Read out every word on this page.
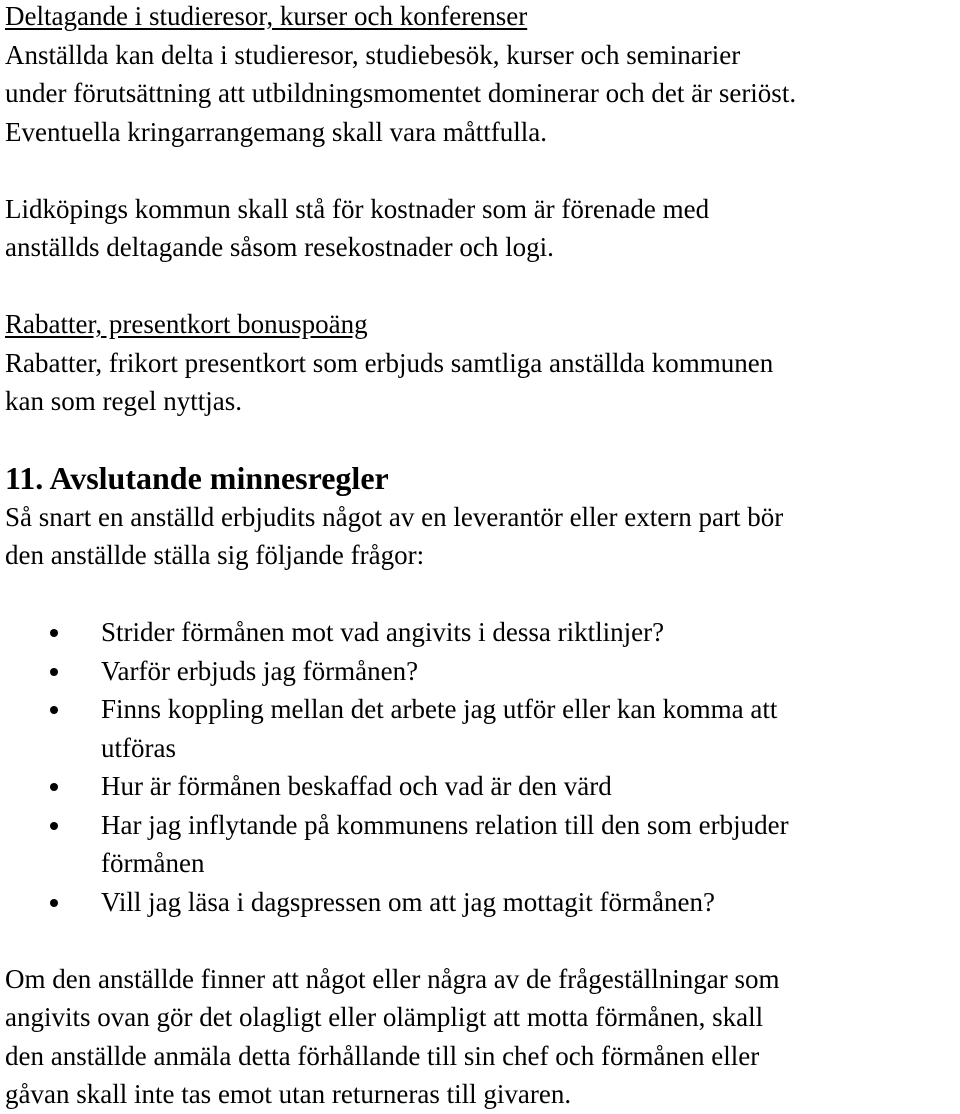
Deltagande i studieresor, kurser och konferenser
Anställda kan delta i studieresor, studiebesök, kurser och seminarier
under förutsättning att utbildningsmomentet dominerar och det är seriöst.
Eventuella kringarrangemang skall vara måttfulla.
Lidköpings kommun skall stå för kostnader som är förenade med
anställds deltagande såsom resekostnader och logi.
Rabatter, presentkort bonuspoäng
Rabatter, frikort presentkort som erbjuds samtliga anställda kommunen
kan som regel nyttjas.
11. Avslutande minnesregler
Så snart en anställd erbjudits något av en leverantör eller extern part bör
den anställde ställa sig följande frågor:
Strider förmånen mot vad angivits i dessa riktlinjer?
Varför erbjuds jag förmånen?
Finns koppling mellan det arbete jag utför eller kan komma att
utföras
Hur är förmånen beskaffad och vad är den värd
Har jag inflytande på kommunens relation till den som erbjuder
förmånen
Vill jag läsa i dagspressen om att jag mottagit förmånen?
Om den anställde finner att något eller några av de frågeställningar som
angivits ovan gör det olagligt eller olämpligt att motta förmånen, skall
den anställde anmäla detta förhållande till sin chef och förmånen eller
gåvan skall inte tas emot utan returneras till givaren.
